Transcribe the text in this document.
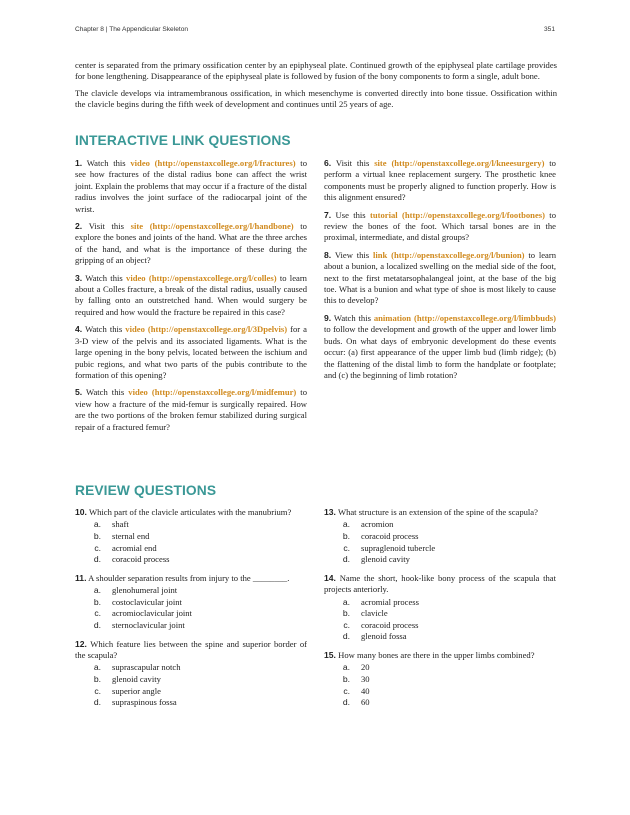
Chapter 8 | The Appendicular Skeleton	351

center is separated from the primary ossification center by an epiphyseal plate. Continued growth of the epiphyseal plate cartilage provides for bone lengthening. Disappearance of the epiphyseal plate is followed by fusion of the bony components to form a single, adult bone.

The clavicle develops via intramembranous ossification, in which mesenchyme is converted directly into bone tissue. Ossification within the clavicle begins during the fifth week of development and continues until 25 years of age.

INTERACTIVE LINK QUESTIONS

1. Watch this video (http://openstaxcollege.org/l/fractures) to see how fractures of the distal radius bone can affect the wrist joint. Explain the problems that may occur if a fracture of the distal radius involves the joint surface of the radiocarpal joint of the wrist.

2. Visit this site (http://openstaxcollege.org/l/handbone) to explore the bones and joints of the hand. What are the three arches of the hand, and what is the importance of these during the gripping of an object?

3. Watch this video (http://openstaxcollege.org/l/colles) to learn about a Colles fracture, a break of the distal radius, usually caused by falling onto an outstretched hand. When would surgery be required and how would the fracture be repaired in this case?

4. Watch this video (http://openstaxcollege.org/l/3Dpelvis) for a 3-D view of the pelvis and its associated ligaments. What is the large opening in the bony pelvis, located between the ischium and pubic regions, and what two parts of the pubis contribute to the formation of this opening?

5. Watch this video (http://openstaxcollege.org/l/midfemur) to view how a fracture of the mid-femur is surgically repaired. How are the two portions of the broken femur stabilized during surgical repair of a fractured femur?

6. Visit this site (http://openstaxcollege.org/l/kneesurgery) to perform a virtual knee replacement surgery. The prosthetic knee components must be properly aligned to function properly. How is this alignment ensured?

7. Use this tutorial (http://openstaxcollege.org/l/footbones) to review the bones of the foot. Which tarsal bones are in the proximal, intermediate, and distal groups?

8. View this link (http://openstaxcollege.org/l/bunion) to learn about a bunion, a localized swelling on the medial side of the foot, next to the first metatarsophalangeal joint, at the base of the big toe. What is a bunion and what type of shoe is most likely to cause this to develop?

9. Watch this animation (http://openstaxcollege.org/l/limbbuds) to follow the development and growth of the upper and lower limb buds. On what days of embryonic development do these events occur: (a) first appearance of the upper limb bud (limb ridge); (b) the flattening of the distal limb to form the handplate or footplate; and (c) the beginning of limb rotation?

REVIEW QUESTIONS
10. Which part of the clavicle articulates with the manubrium?
a.	shaft
b.	sternal end
c.	acromial end
d.	coracoid process
11. A shoulder separation results from injury to the ________.
a.	glenohumeral joint
b.	costoclavicular joint
c.	acromioclavicular joint
d.	sternoclavicular joint
12. Which feature lies between the spine and superior border of the scapula?
a.	suprascapular notch
b.	glenoid cavity
c.	superior angle
d.	supraspinous fossa
13. What structure is an extension of the spine of the scapula?
a.	acromion
b.	coracoid process
c.	supraglenoid tubercle
d.	glenoid cavity
14. Name the short, hook-like bony process of the scapula that projects anteriorly.
a.	acromial process
b.	clavicle
c.	coracoid process
d.	glenoid fossa
15. How many bones are there in the upper limbs combined?
a.	20
b.	30
c.	40
d.	60
